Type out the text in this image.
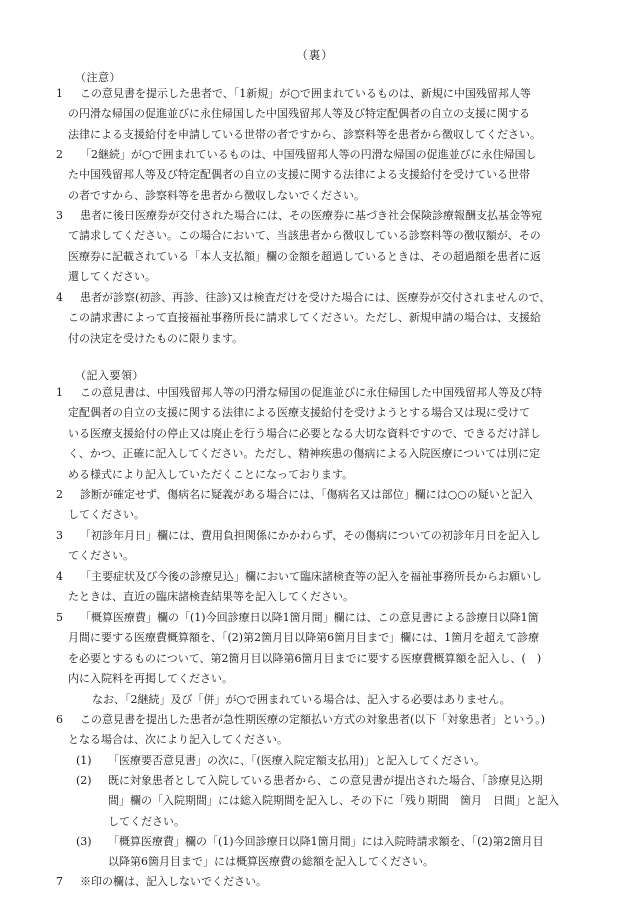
（裏）
（注意）
1	この意見書を提示した患者で、「1新規」が○で囲まれているものは、新規に中国残留邦人等
の円滑な帰国の促進並びに永住帰国した中国残留邦人等及び特定配偶者の自立の支援に関する
法律による支援給付を申請している世帯の者ですから、診察料等を患者から徴収してください。
2	「2継続」が○で囲まれているものは、中国残留邦人等の円滑な帰国の促進並びに永住帰国し
た中国残留邦人等及び特定配偶者の自立の支援に関する法律による支援給付を受けている世帯
の者ですから、診察料等を患者から徴収しないでください。
3	患者に後日医療券が交付された場合には、その医療券に基づき社会保険診療報酬支払基金等宛
て請求してください。この場合において、当該患者から徴収している診察料等の徴収額が、その
医療券に記載されている「本人支払額」欄の金額を超過しているときは、その超過額を患者に返
還してください。
4	患者が診察(初診、再診、往診)又は検査だけを受けた場合には、医療券が交付されませんので、
この請求書によって直接福祉事務所長に請求してください。ただし、新規申請の場合は、支援給
付の決定を受けたものに限ります。
（記入要領）
1	この意見書は、中国残留邦人等の円滑な帰国の促進並びに永住帰国した中国残留邦人等及び特
定配偶者の自立の支援に関する法律による医療支援給付を受けようとする場合又は現に受けて
いる医療支援給付の停止又は廃止を行う場合に必要となる大切な資料ですので、できるだけ詳し
く、かつ、正確に記入してください。ただし、精神疾患の傷病による入院医療については別に定
める様式により記入していただくことになっております。
2	診断が確定せず、傷病名に疑義がある場合には、「傷病名又は部位」欄には○○の疑いと記入
してください。
3	「初診年月日」欄には、費用負担関係にかかわらず、その傷病についての初診年月日を記入し
てください。
4	「主要症状及び今後の診療見込」欄において臨床諸検査等の記入を福祉事務所長からお願いし
たときは、直近の臨床諸検査結果等を記入してください。
5	「概算医療費」欄の「(1)今回診療日以降1箇月間」欄には、この意見書による診療日以降1箇
月間に要する医療費概算額を、「(2)第2箇月目以降第6箇月目まで」欄には、1箇月を超えて診療
を必要とするものについて、第2箇月目以降第6箇月目までに要する医療費概算額を記入し、(　)
内に入院料を再掲してください。
なお、「2継続」及び「併」が○で囲まれている場合は、記入する必要はありません。
6	この意見書を提出した患者が急性期医療の定額払い方式の対象患者(以下「対象患者」という。)
となる場合は、次により記入してください。
(1)	「医療要否意見書」の次に、「(医療入院定額支払用)」と記入してください。
(2)	既に対象患者として入院している患者から、この意見書が提出された場合、「診療見込期
間」欄の「入院期間」には総入院期間を記入し、その下に「残り期間　箇月　日間」と記入
してください。
(3)	「概算医療費」欄の「(1)今回診療日以降1箇月間」には入院時請求額を、「(2)第2箇月目
以降第6箇月目まで」には概算医療費の総額を記入してください。
7	※印の欄は、記入しないでください。
